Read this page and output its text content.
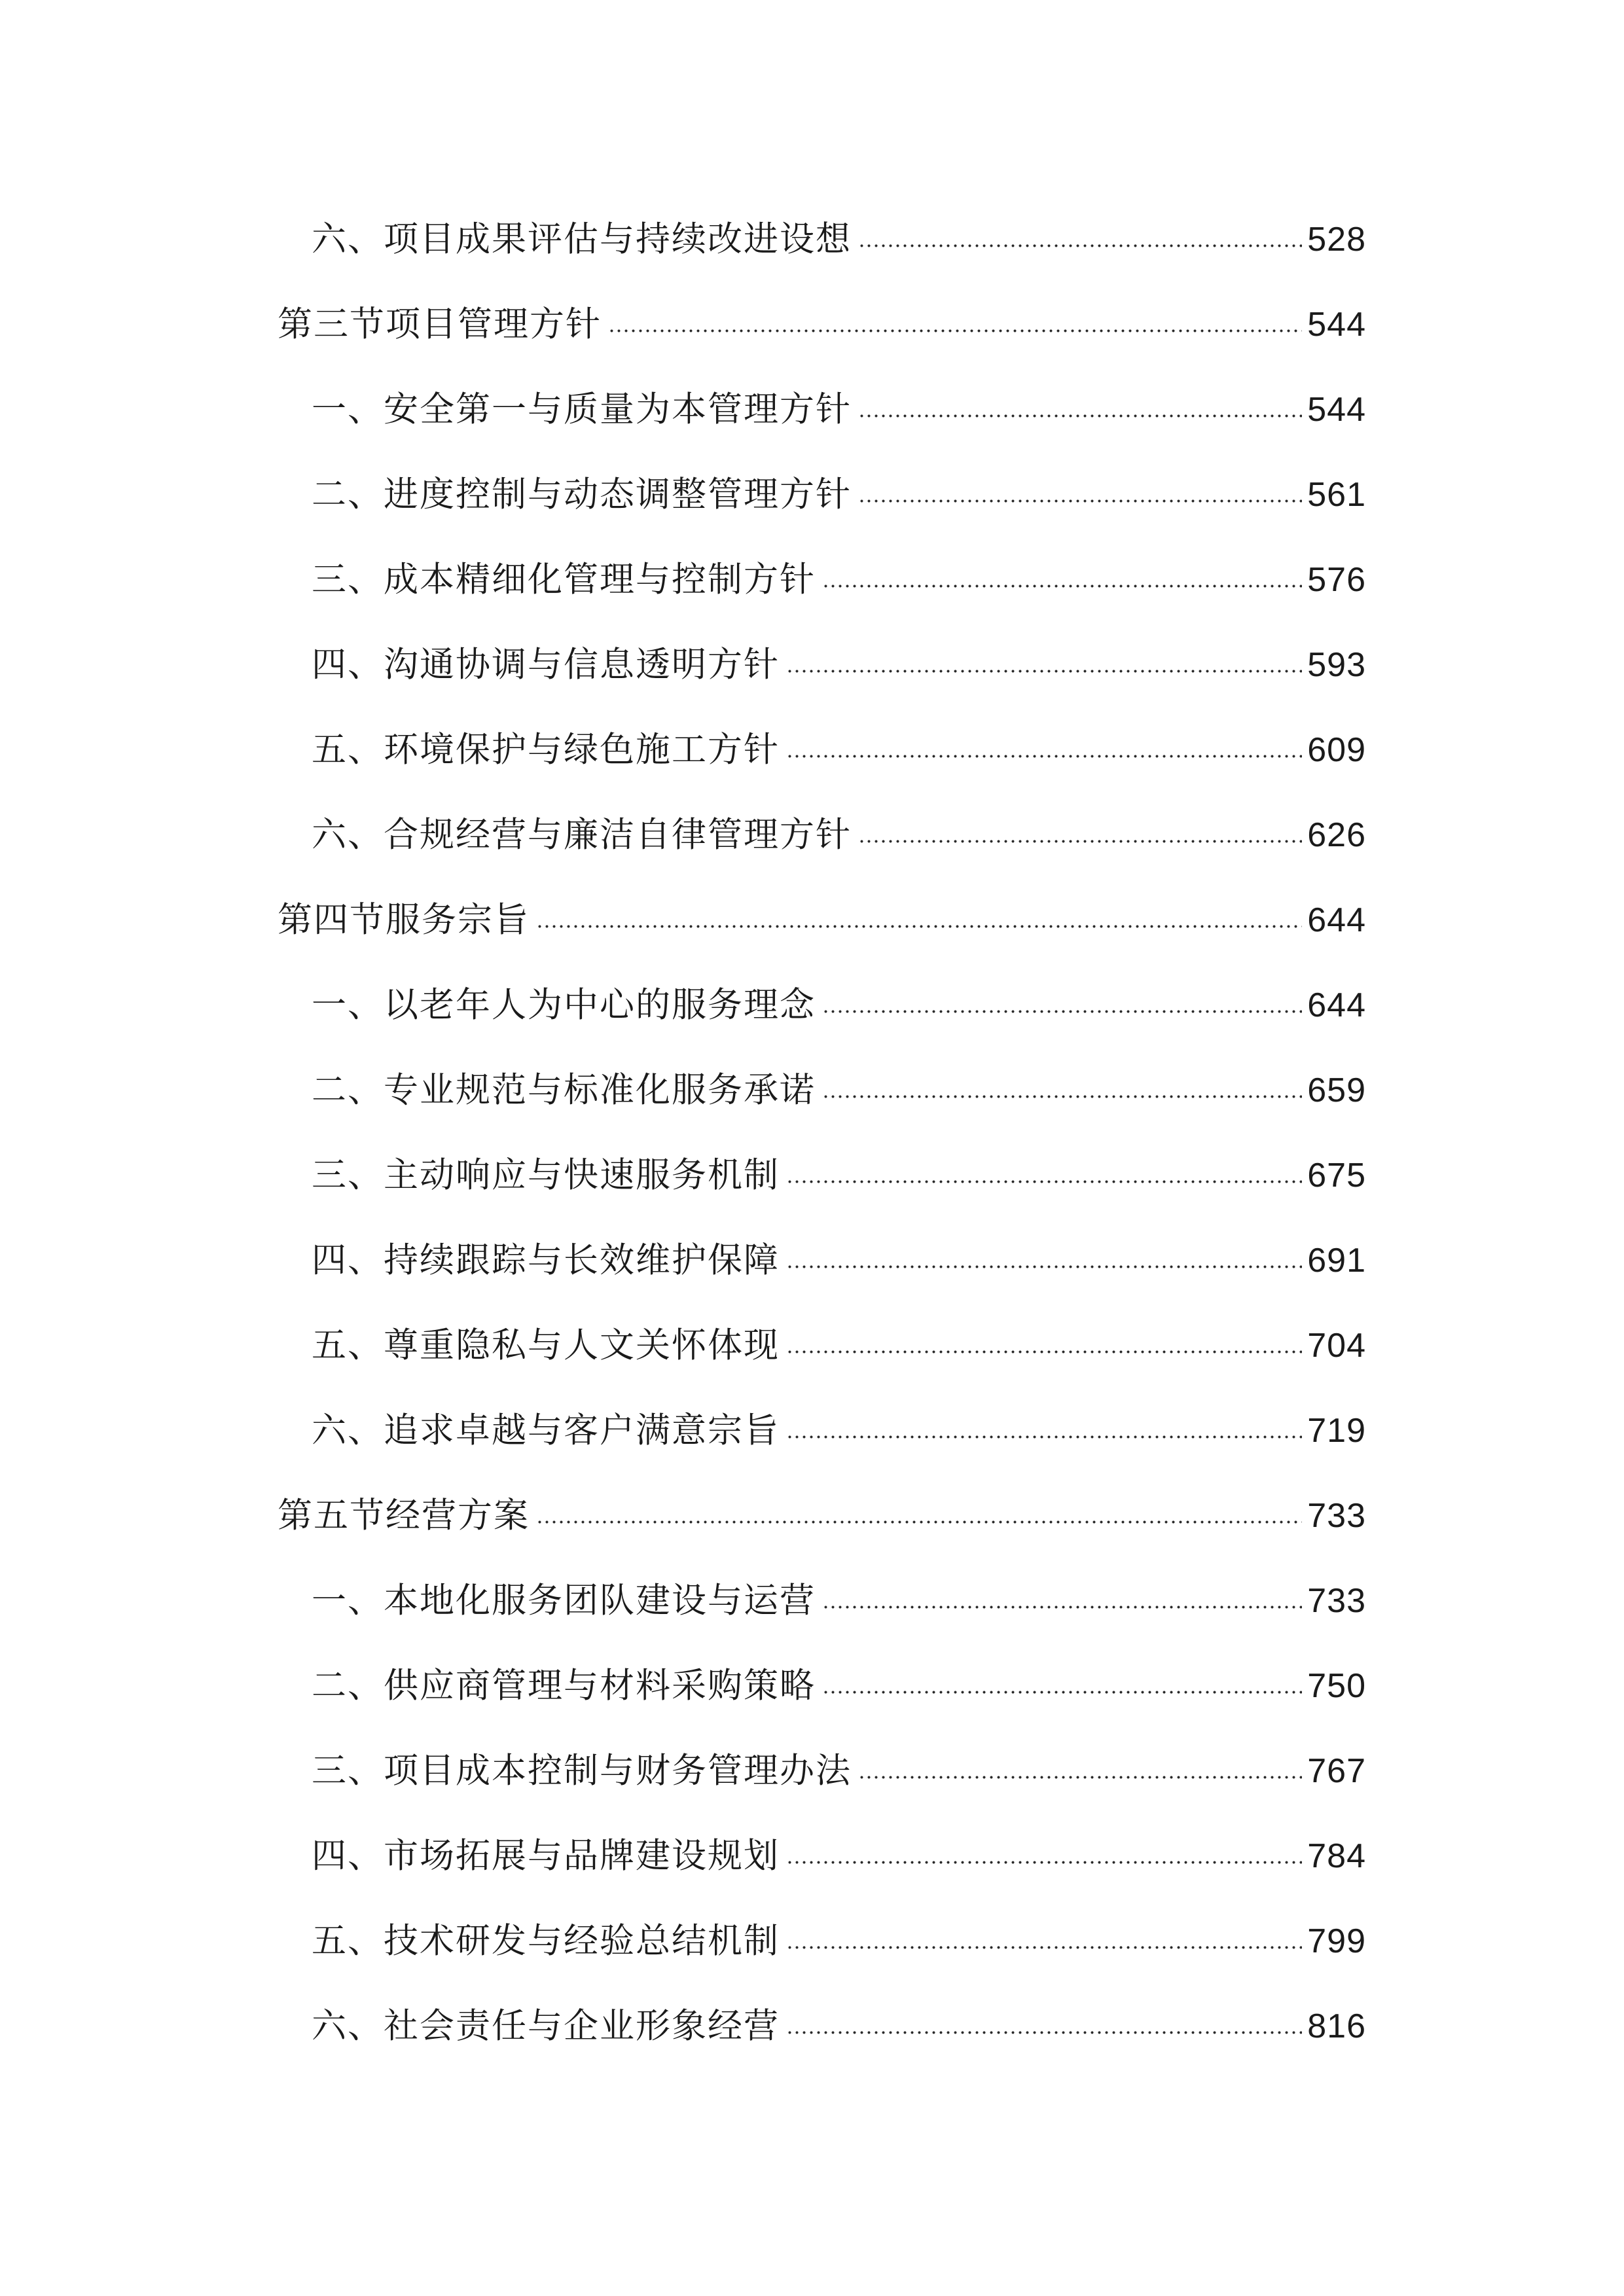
六、项目成果评估与持续改进设想	528
第三节项目管理方针	544
一、安全第一与质量为本管理方针	544
二、进度控制与动态调整管理方针	561
三、成本精细化管理与控制方针	576
四、沟通协调与信息透明方针	593
五、环境保护与绿色施工方针	609
六、合规经营与廉洁自律管理方针	626
第四节服务宗旨	644
一、以老年人为中心的服务理念	644
二、专业规范与标准化服务承诺	659
三、主动响应与快速服务机制	675
四、持续跟踪与长效维护保障	691
五、尊重隐私与人文关怀体现	704
六、追求卓越与客户满意宗旨	719
第五节经营方案	733
一、本地化服务团队建设与运营	733
二、供应商管理与材料采购策略	750
三、项目成本控制与财务管理办法	767
四、市场拓展与品牌建设规划	784
五、技术研发与经验总结机制	799
六、社会责任与企业形象经营	816
